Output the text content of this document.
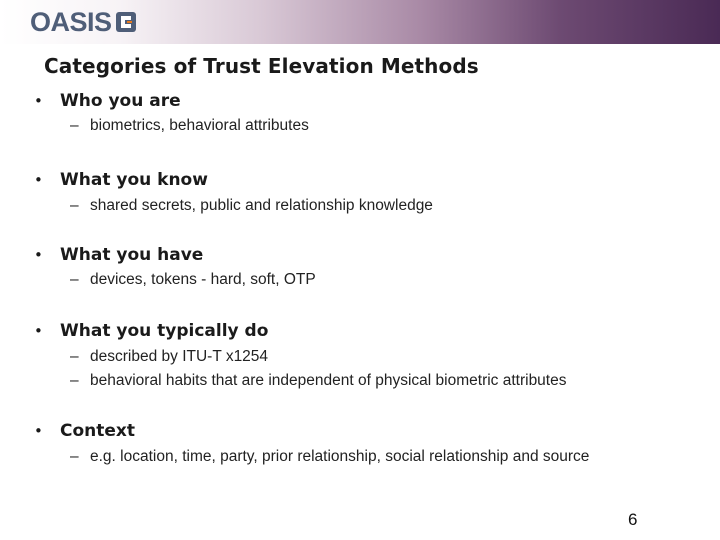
OASIS
Categories of Trust Elevation Methods
•	Who you are
– biometrics, behavioral attributes
•	What you know
– shared secrets, public and relationship knowledge
•	What you have
– devices, tokens - hard, soft, OTP
•	What you typically do
– described by ITU-T x1254
– behavioral habits that are independent of physical biometric attributes
•	Context
– e.g. location, time, party, prior relationship, social relationship and source
6
